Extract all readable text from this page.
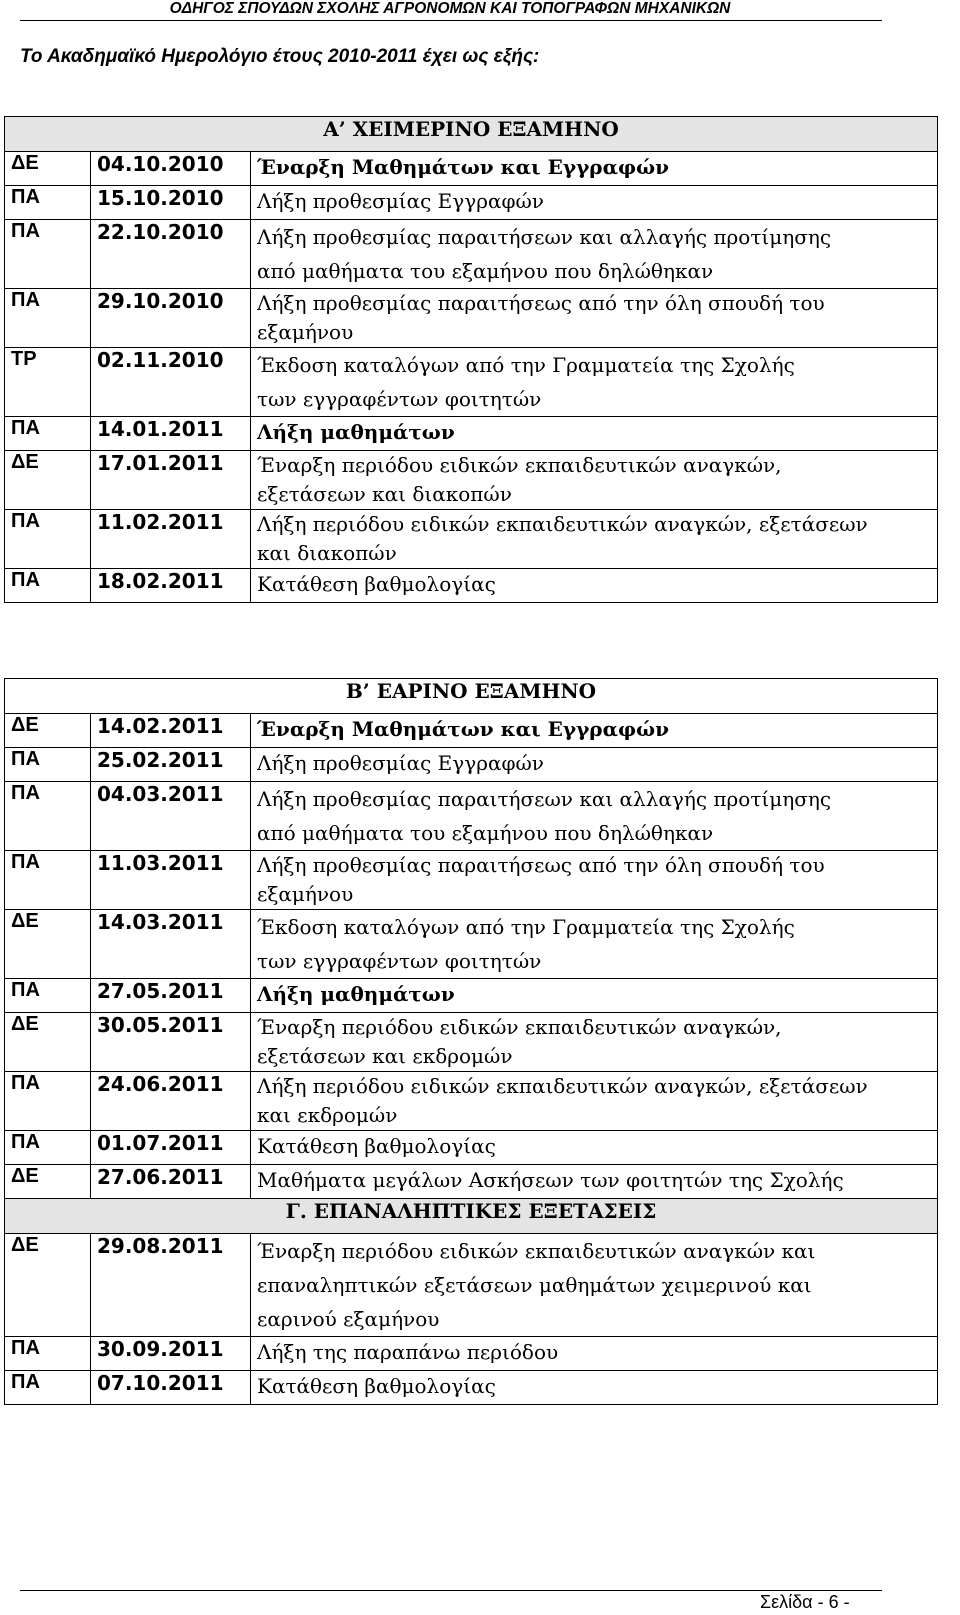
ΟΔΗΓΟΣ ΣΠΟΥΔΩΝ ΣΧΟΛΗΣ ΑΓΡΟΝΟΜΩΝ ΚΑΙ ΤΟΠΟΓΡΑΦΩΝ ΜΗΧΑΝΙΚΩΝ
Το Ακαδημαϊκό Ημερολόγιο έτους 2010-2011 έχει ως εξής:
Α’ ΧΕΙΜΕΡΙΝΟ ΕΞΑΜΗΝΟ		
ΔΕ	04.10.2010	Έναρξη Μαθημάτων και Εγγραφών
ΠΑ	15.10.2010	Λήξη προθεσμίας Εγγραφών
ΠΑ	22.10.2010	Λήξη προθεσμίας παραιτήσεων και αλλαγής προτίμησης
από μαθήματα του εξαμήνου που δηλώθηκαν
ΠΑ	29.10.2010	Λήξη προθεσμίας παραιτήσεως από την όλη σπουδή του
εξαμήνου
ΤΡ	02.11.2010	Έκδοση καταλόγων από την Γραμματεία της Σχολής
των εγγραφέντων φοιτητών
ΠΑ	14.01.2011	Λήξη μαθημάτων
ΔΕ	17.01.2011	Έναρξη περιόδου ειδικών εκπαιδευτικών αναγκών,
εξετάσεων και διακοπών
ΠΑ	11.02.2011	Λήξη περιόδου ειδικών εκπαιδευτικών αναγκών, εξετάσεων
και διακοπών
ΠΑ	18.02.2011	Κατάθεση βαθμολογίας
Β’ ΕΑΡΙΝΟ ΕΞΑΜΗΝΟ		
ΔΕ	14.02.2011	Έναρξη Μαθημάτων και Εγγραφών
ΠΑ	25.02.2011	Λήξη προθεσμίας Εγγραφών
ΠΑ	04.03.2011	Λήξη προθεσμίας παραιτήσεων και αλλαγής προτίμησης
από μαθήματα του εξαμήνου που δηλώθηκαν
ΠΑ	11.03.2011	Λήξη προθεσμίας παραιτήσεως από την όλη σπουδή του
εξαμήνου
ΔΕ	14.03.2011	Έκδοση καταλόγων από την Γραμματεία της Σχολής
των εγγραφέντων φοιτητών
ΠΑ	27.05.2011	Λήξη μαθημάτων
ΔΕ	30.05.2011	Έναρξη περιόδου ειδικών εκπαιδευτικών αναγκών,
εξετάσεων και εκδρομών
ΠΑ	24.06.2011	Λήξη περιόδου ειδικών εκπαιδευτικών αναγκών, εξετάσεων
και εκδρομών
ΠΑ	01.07.2011	Κατάθεση βαθμολογίας
ΔΕ	27.06.2011	Μαθήματα μεγάλων Ασκήσεων των φοιτητών της Σχολής
Γ. ΕΠΑΝΑΛΗΠΤΙΚΕΣ ΕΞΕΤΑΣΕΙΣ		
ΔΕ	29.08.2011	Έναρξη περιόδου ειδικών εκπαιδευτικών αναγκών και
επαναληπτικών εξετάσεων μαθημάτων χειμερινού και
εαρινού εξαμήνου
ΠΑ	30.09.2011	Λήξη της παραπάνω περιόδου
ΠΑ	07.10.2011	Κατάθεση βαθμολογίας
Σελίδα - 6 -
